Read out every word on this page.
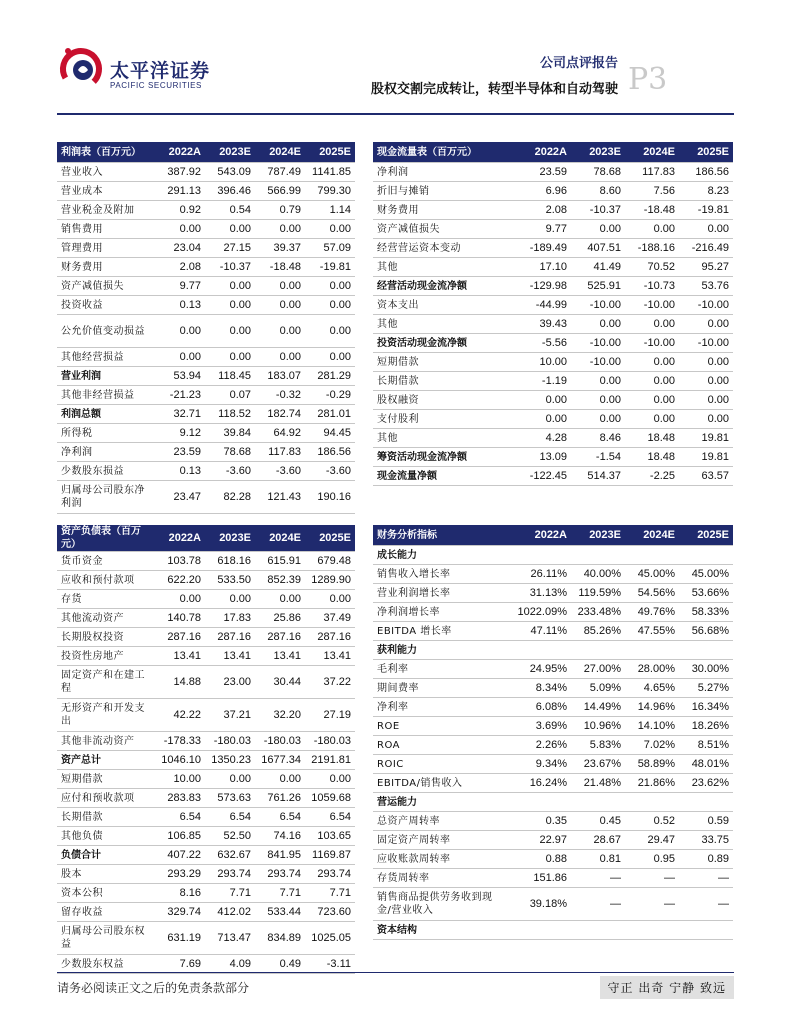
太平洋证券
PACIFIC SECURITIES
公司点评报告
股权交割完成转让，转型半导体和自动驾驶 P3
利润表（百万元）	2022A	2023E	2024E	2025E
营业收入	387.92	543.09	787.49	1141.85
营业成本	291.13	396.46	566.99	799.30
营业税金及附加	0.92	0.54	0.79	1.14
销售费用	0.00	0.00	0.00	0.00
管理费用	23.04	27.15	39.37	57.09
财务费用	2.08	-10.37	-18.48	-19.81
资产减值损失	9.77	0.00	0.00	0.00
投资收益	0.13	0.00	0.00	0.00
公允价值变动损益	0.00	0.00	0.00	0.00
其他经营损益	0.00	0.00	0.00	0.00
营业利润	53.94	118.45	183.07	281.29
其他非经营损益	-21.23	0.07	-0.32	-0.29
利润总额	32.71	118.52	182.74	281.01
所得税	9.12	39.84	64.92	94.45
净利润	23.59	78.68	117.83	186.56
少数股东损益	0.13	-3.60	-3.60	-3.60
归属母公司股东净利润	23.47	82.28	121.43	190.16
现金流量表（百万元）	2022A	2023E	2024E	2025E
净利润	23.59	78.68	117.83	186.56
折旧与摊销	6.96	8.60	7.56	8.23
财务费用	2.08	-10.37	-18.48	-19.81
资产减值损失	9.77	0.00	0.00	0.00
经营营运资本变动	-189.49	407.51	-188.16	-216.49
其他	17.10	41.49	70.52	95.27
经营活动现金流净额	-129.98	525.91	-10.73	53.76
资本支出	-44.99	-10.00	-10.00	-10.00
其他	39.43	0.00	0.00	0.00
投资活动现金流净额	-5.56	-10.00	-10.00	-10.00
短期借款	10.00	-10.00	0.00	0.00
长期借款	-1.19	0.00	0.00	0.00
股权融资	0.00	0.00	0.00	0.00
支付股利	0.00	0.00	0.00	0.00
其他	4.28	8.46	18.48	19.81
筹资活动现金流净额	13.09	-1.54	18.48	19.81
现金流量净额	-122.45	514.37	-2.25	63.57
资产负债表（百万元）	2022A	2023E	2024E	2025E
货币资金	103.78	618.16	615.91	679.48
应收和预付款项	622.20	533.50	852.39	1289.90
存货	0.00	0.00	0.00	0.00
其他流动资产	140.78	17.83	25.86	37.49
长期股权投资	287.16	287.16	287.16	287.16
投资性房地产	13.41	13.41	13.41	13.41
固定资产和在建工程	14.88	23.00	30.44	37.22
无形资产和开发支出	42.22	37.21	32.20	27.19
其他非流动资产	-178.33	-180.03	-180.03	-180.03
资产总计	1046.10	1350.23	1677.34	2191.81
短期借款	10.00	0.00	0.00	0.00
应付和预收款项	283.83	573.63	761.26	1059.68
长期借款	6.54	6.54	6.54	6.54
其他负债	106.85	52.50	74.16	103.65
负债合计	407.22	632.67	841.95	1169.87
股本	293.29	293.74	293.74	293.74
资本公积	8.16	7.71	7.71	7.71
留存收益	329.74	412.02	533.44	723.60
归属母公司股东权益	631.19	713.47	834.89	1025.05
少数股东权益	7.69	4.09	0.49	-3.11
财务分析指标	2022A	2023E	2024E	2025E
成长能力				
销售收入增长率	26.11%	40.00%	45.00%	45.00%
营业利润增长率	31.13%	119.59%	54.56%	53.66%
净利润增长率	1022.09%	233.48%	49.76%	58.33%
EBITDA 增长率	47.11%	85.26%	47.55%	56.68%
获利能力				
毛利率	24.95%	27.00%	28.00%	30.00%
期间费率	8.34%	5.09%	4.65%	5.27%
净利率	6.08%	14.49%	14.96%	16.34%
ROE	3.69%	10.96%	14.10%	18.26%
ROA	2.26%	5.83%	7.02%	8.51%
ROIC	9.34%	23.67%	58.89%	48.01%
EBITDA/销售收入	16.24%	21.48%	21.86%	23.62%
营运能力				
总资产周转率	0.35	0.45	0.52	0.59
固定资产周转率	22.97	28.67	29.47	33.75
应收账款周转率	0.88	0.81	0.95	0.89
存货周转率	151.86	—	—	—
销售商品提供劳务收到现金/营业收入	39.18%	—	—	—
资本结构				
请务必阅读正文之后的免责条款部分	守正 出奇 宁静 致远
